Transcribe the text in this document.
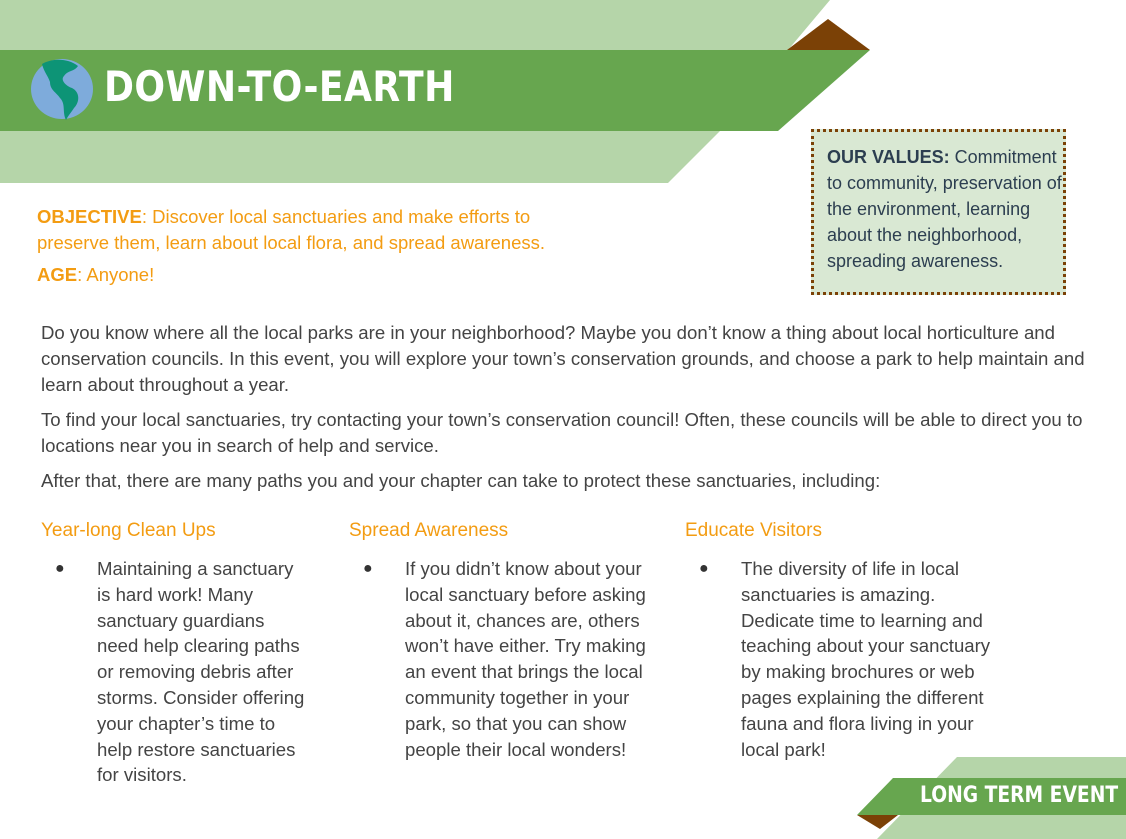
DOWN-TO-EARTH
OBJECTIVE: Discover local sanctuaries and make efforts to preserve them, learn about local flora, and spread awareness.
AGE: Anyone!
OUR VALUES: Commitment to community, preservation of the environment, learning about the neighborhood, spreading awareness.
Do you know where all the local parks are in your neighborhood? Maybe you don’t know a thing about local horticulture and conservation councils. In this event, you will explore your town’s conservation grounds, and choose a park to help maintain and learn about throughout a year.
To find your local sanctuaries, try contacting your town’s conservation council! Often, these councils will be able to direct you to locations near you in search of help and service.
After that, there are many paths you and your chapter can take to protect these sanctuaries, including:
Year-long Clean Ups
● Maintaining a sanctuary is hard work! Many sanctuary guardians need help clearing paths or removing debris after storms. Consider offering your chapter’s time to help restore sanctuaries for visitors.
Spread Awareness
● If you didn’t know about your local sanctuary before asking about it, chances are, others won’t have either. Try making an event that brings the local community together in your park, so that you can show people their local wonders!
Educate Visitors
● The diversity of life in local sanctuaries is amazing. Dedicate time to learning and teaching about your sanctuary by making brochures or web pages explaining the different fauna and flora living in your local park!
LONG TERM EVENT
